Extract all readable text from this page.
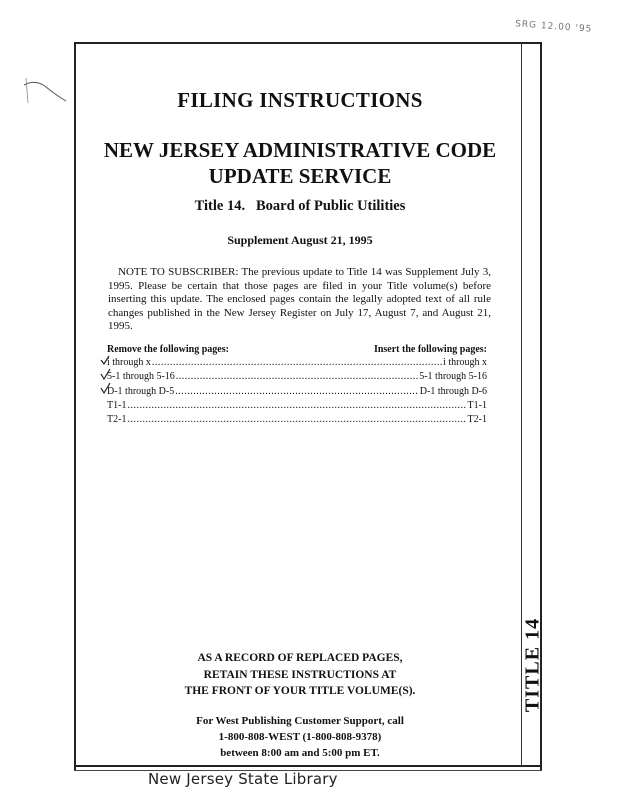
SRG 12.00 '95
FILING INSTRUCTIONS
NEW JERSEY ADMINISTRATIVE CODE
UPDATE SERVICE
Title 14.   Board of Public Utilities
Supplement August 21, 1995
NOTE TO SUBSCRIBER: The previous update to Title 14 was Supplement July 3, 1995. Please be certain that those pages are filed in your Title volume(s) before inserting this update. The enclosed pages contain the legally adopted text of all rule changes published in the New Jersey Register on July 17, August 7, and August 21, 1995.
Remove the following pages:	Insert the following pages:
i through x .....	i through x
5-1 through 5-16 .....	5-1 through 5-16
D-1 through D-5 .....	D-1 through D-6
T1-1 .....	T1-1
T2-1 .....	T2-1
AS A RECORD OF REPLACED PAGES,
RETAIN THESE INSTRUCTIONS AT
THE FRONT OF YOUR TITLE VOLUME(S).
For West Publishing Customer Support, call
1-800-808-WEST (1-800-808-9378)
between 8:00 am and 5:00 pm ET.
TITLE 14
New Jersey State Library
